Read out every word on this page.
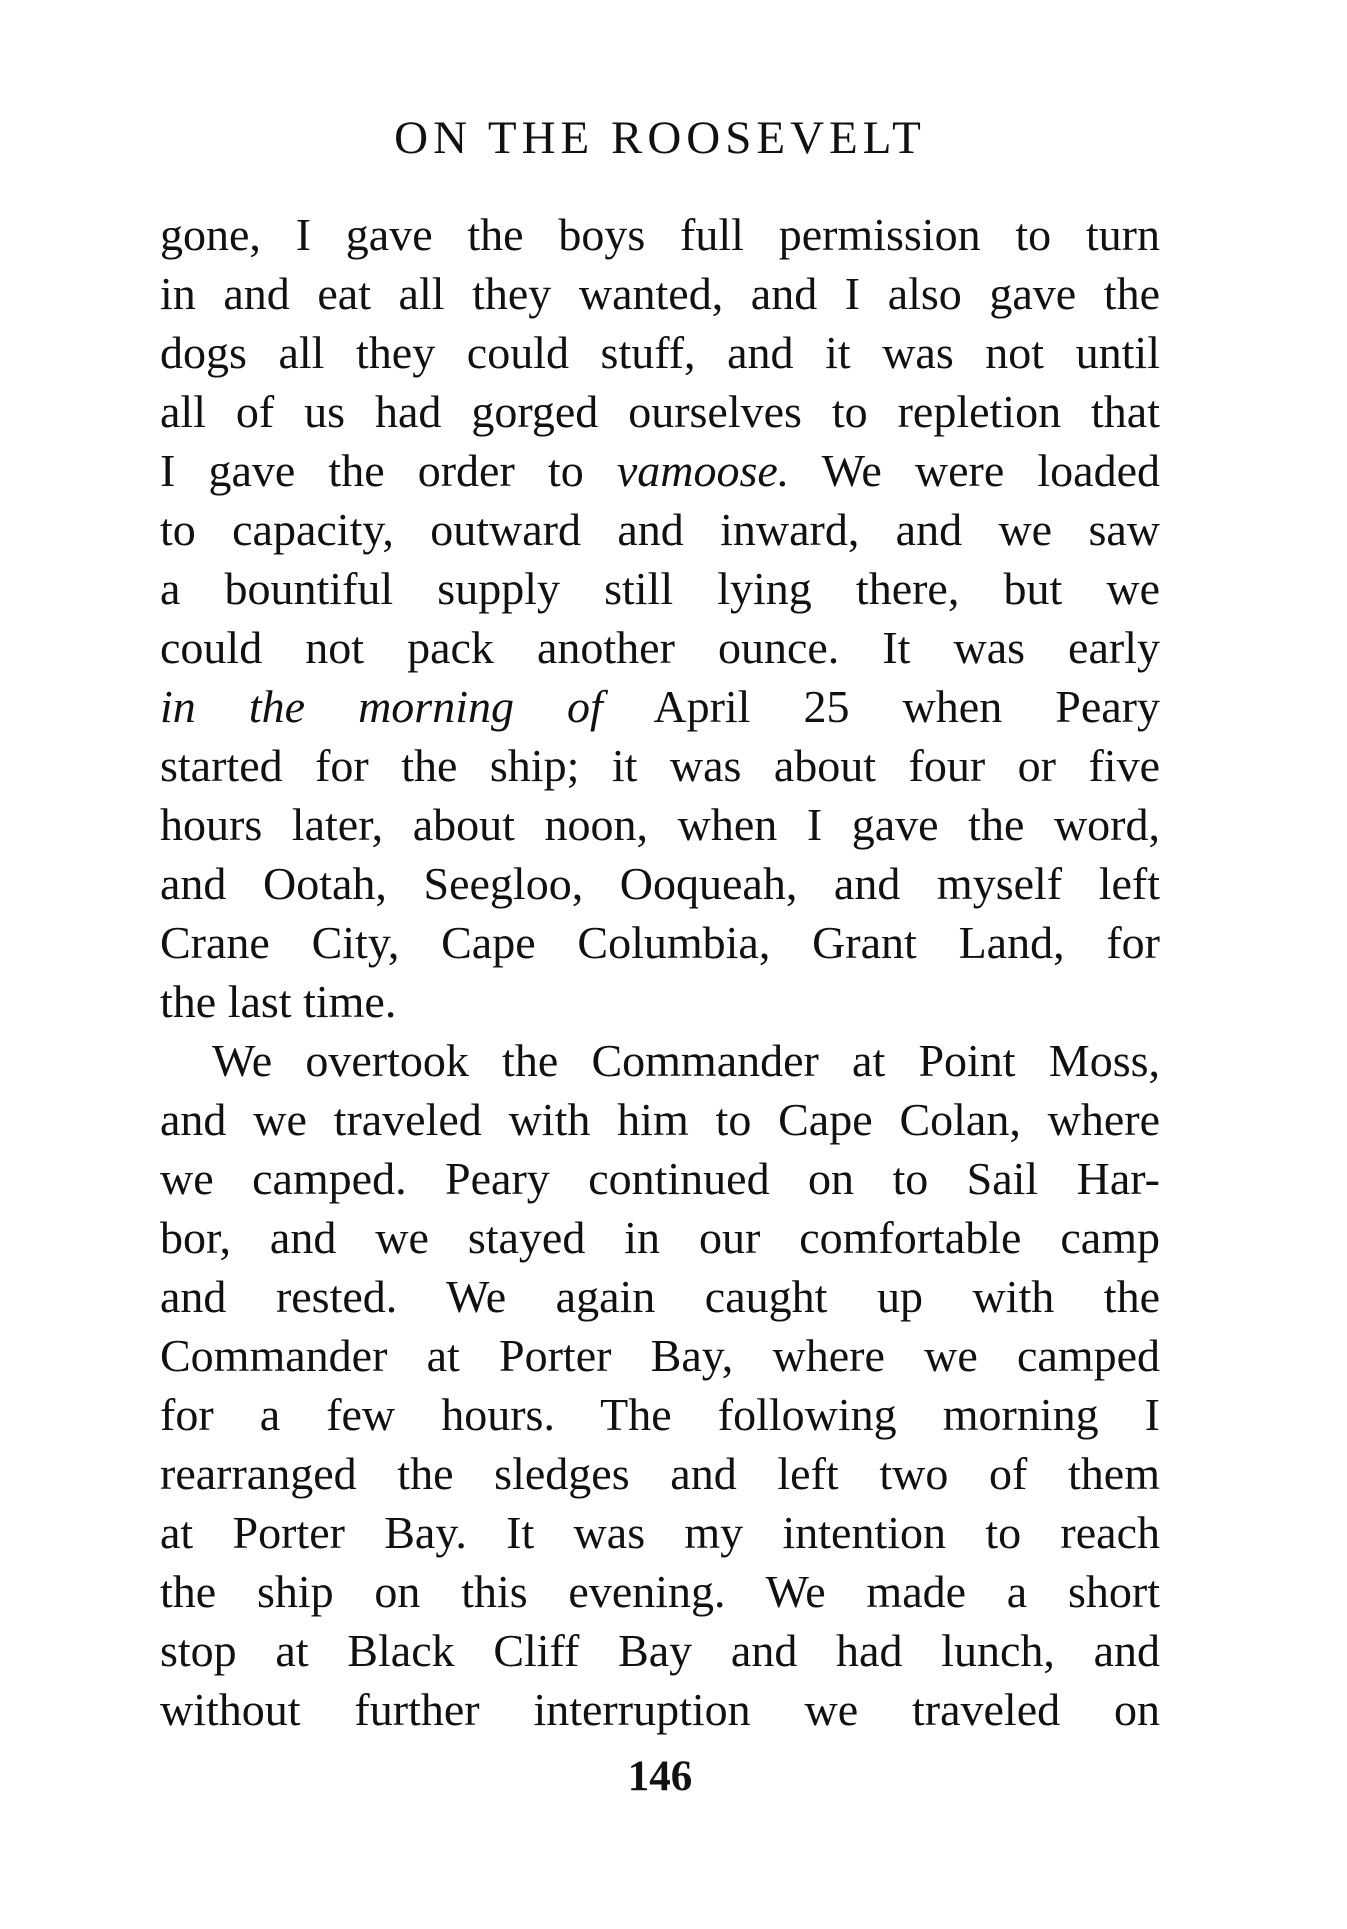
ON THE ROOSEVELT
gone, I gave the boys full permission to turn
in and eat all they wanted, and I also gave the
dogs all they could stuff, and it was not until
all of us had gorged ourselves to repletion that
I gave the order to vamoose. We were loaded
to capacity, outward and inward, and we saw
a bountiful supply still lying there, but we
could not pack another ounce. It was early
in the morning of April 25 when Peary
started for the ship; it was about four or five
hours later, about noon, when I gave the word,
and Ootah, Seegloo, Ooqueah, and myself left
Crane City, Cape Columbia, Grant Land, for
the last time.
We overtook the Commander at Point Moss,
and we traveled with him to Cape Colan, where
we camped. Peary continued on to Sail Har-
bor, and we stayed in our comfortable camp
and rested. We again caught up with the
Commander at Porter Bay, where we camped
for a few hours. The following morning I
rearranged the sledges and left two of them
at Porter Bay. It was my intention to reach
the ship on this evening. We made a short
stop at Black Cliff Bay and had lunch, and
without further interruption we traveled on
146
